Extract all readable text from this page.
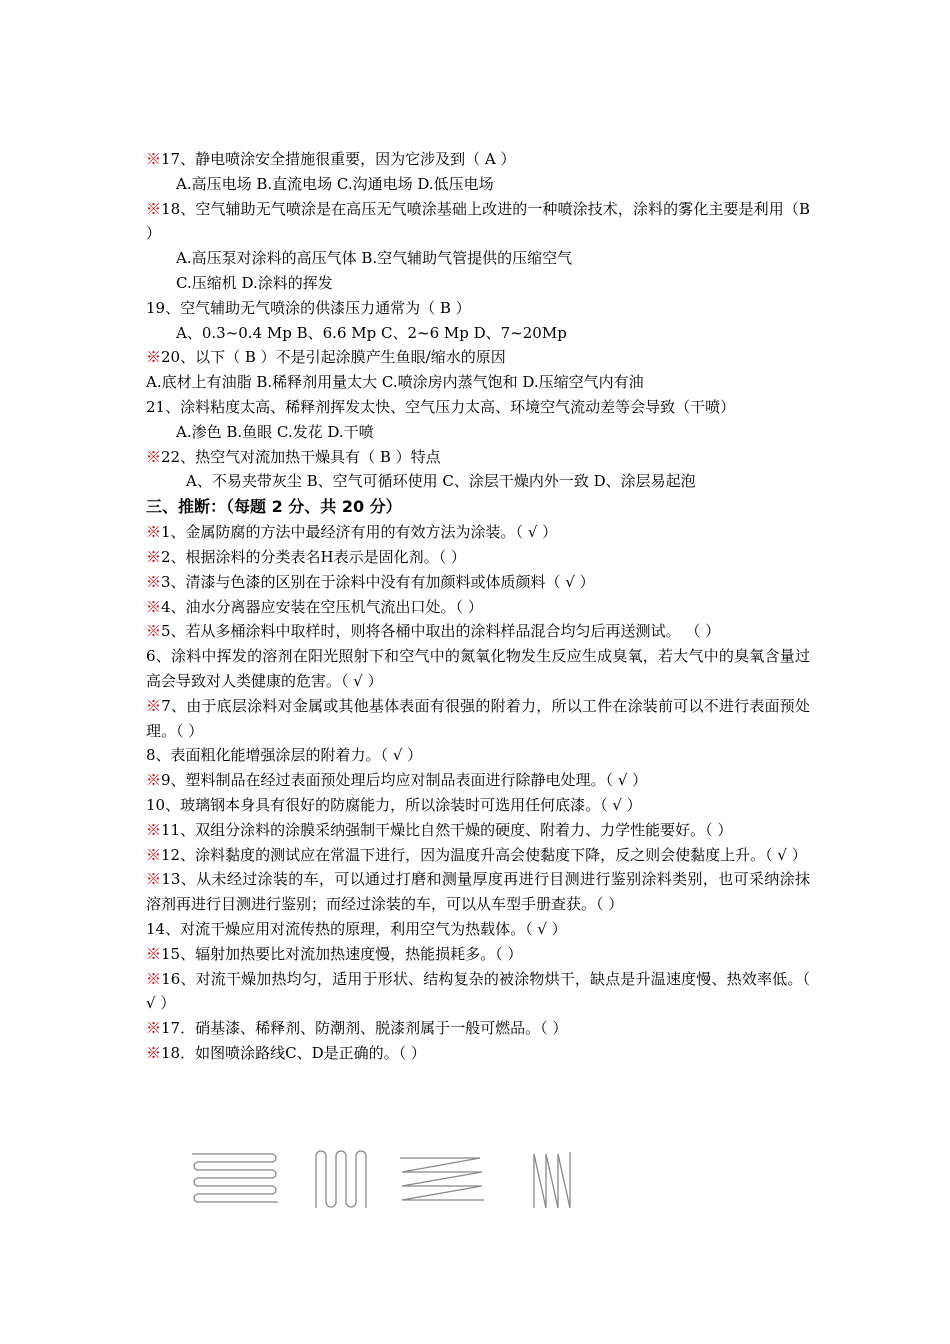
※17、静电喷涂安全措施很重要，因为它涉及到（ A ）
A.高压电场 B.直流电场 C.沟通电场 D.低压电场
※18、空气辅助无气喷涂是在高压无气喷涂基础上改进的一种喷涂技术，涂料的雾化主要是利用（B ）
A.高压泵对涂料的高压气体 B.空气辅助气管提供的压缩空气
C.压缩机 D.涂料的挥发
19、空气辅助无气喷涂的供漆压力通常为（ B ）
A、0.3~0.4 Mp B、6.6 Mp C、2~6 Mp D、7~20Mp
※20、以下（ B ）不是引起涂膜产生鱼眼/缩水的原因
A.底材上有油脂 B.稀释剂用量太大 C.喷涂房内蒸气饱和 D.压缩空气内有油
21、涂料粘度太高、稀释剂挥发太快、空气压力太高、环境空气流动差等会导致（干喷）
A.渗色 B.鱼眼 C.发花 D.干喷
※22、热空气对流加热干燥具有（ B ）特点
A、不易夹带灰尘 B、空气可循环使用 C、涂层干燥内外一致 D、涂层易起泡
三、推断：（每题 2 分、共 20 分）
※1、金属防腐的方法中最经济有用的有效方法为涂装。（ √ ）
※2、根据涂料的分类表名H表示是固化剂。（ ）
※3、清漆与色漆的区别在于涂料中没有有加颜料或体质颜料（ √ ）
※4、油水分离器应安装在空压机气流出口处。（ ）
※5、若从多桶涂料中取样时，则将各桶中取出的涂料样品混合均匀后再送测试。 （ ）
6、涂料中挥发的溶剂在阳光照射下和空气中的氮氧化物发生反应生成臭氧，若大气中的臭氧含量过高会导致对人类健康的危害。（ √ ）
※7、由于底层涂料对金属或其他基体表面有很强的附着力，所以工件在涂装前可以不进行表面预处理。（ ）
8、表面粗化能增强涂层的附着力。（ √ ）
※9、塑料制品在经过表面预处理后均应对制品表面进行除静电处理。（ √ ）
10、玻璃钢本身具有很好的防腐能力，所以涂装时可选用任何底漆。（ √ ）
※11、双组分涂料的涂膜采纳强制干燥比自然干燥的硬度、附着力、力学性能要好。（ ）
※12、涂料黏度的测试应在常温下进行，因为温度升高会使黏度下降，反之则会使黏度上升。（ √ ）
※13、从未经过涂装的车，可以通过打磨和测量厚度再进行目测进行鉴别涂料类别，也可采纳涂抹溶剂再进行目测进行鉴别；而经过涂装的车，可以从车型手册查获。（ ）
14、对流干燥应用对流传热的原理，利用空气为热载体。（ √ ）
※15、辐射加热要比对流加热速度慢，热能损耗多。（ ）
※16、对流干燥加热均匀，适用于形状、结构复杂的被涂物烘干，缺点是升温速度慢、热效率低。（ √ ）
※17．硝基漆、稀释剂、防潮剂、脱漆剂属于一般可燃品。（ ）
※18．如图喷涂路线C、D是正确的。（ ）
